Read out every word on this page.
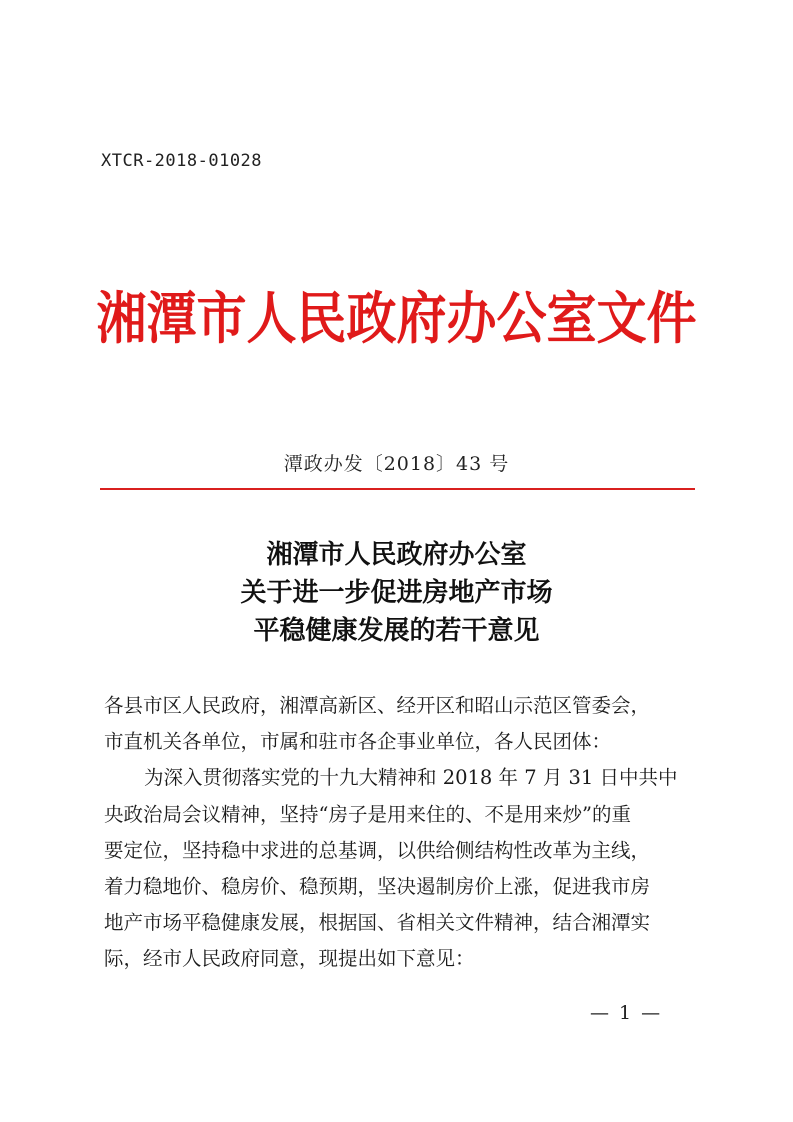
XTCR-2018-01028
湘潭市人民政府办公室文件
潭政办发〔2018〕43 号
湘潭市人民政府办公室
关于进一步促进房地产市场
平稳健康发展的若干意见
各县市区人民政府，湘潭高新区、经开区和昭山示范区管委会，
市直机关各单位，市属和驻市各企事业单位，各人民团体：
为深入贯彻落实党的十九大精神和 2018 年 7 月 31 日中共中
央政治局会议精神，坚持“房子是用来住的、不是用来炒”的重
要定位，坚持稳中求进的总基调，以供给侧结构性改革为主线，
着力稳地价、稳房价、稳预期，坚决遏制房价上涨，促进我市房
地产市场平稳健康发展，根据国、省相关文件精神，结合湘潭实
际，经市人民政府同意，现提出如下意见：
— 1 —
